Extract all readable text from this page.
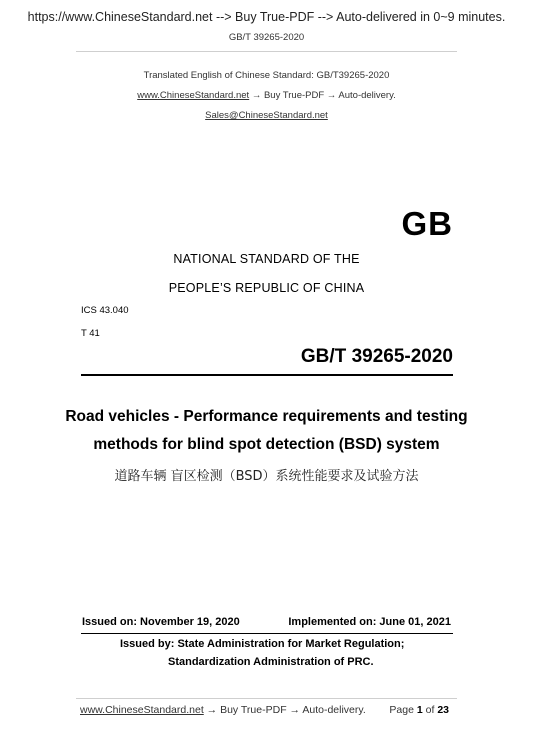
https://www.ChineseStandard.net --> Buy True-PDF --> Auto-delivered in 0~9 minutes.
GB/T 39265-2020
Translated English of Chinese Standard: GB/T39265-2020
www.ChineseStandard.net → Buy True-PDF → Auto-delivery.
Sales@ChineseStandard.net
GB
NATIONAL STANDARD OF THE
PEOPLE’S REPUBLIC OF CHINA
ICS 43.040
T 41
GB/T 39265-2020
Road vehicles - Performance requirements and testing
methods for blind spot detection (BSD) system
道路车辆 盲区检测（BSD）系统性能要求及试验方法
Issued on: November 19, 2020	Implemented on: June 01, 2021
Issued by: State Administration for Market Regulation;
Standardization Administration of PRC.
www.ChineseStandard.net → Buy True-PDF → Auto-delivery. Page 1 of 23
